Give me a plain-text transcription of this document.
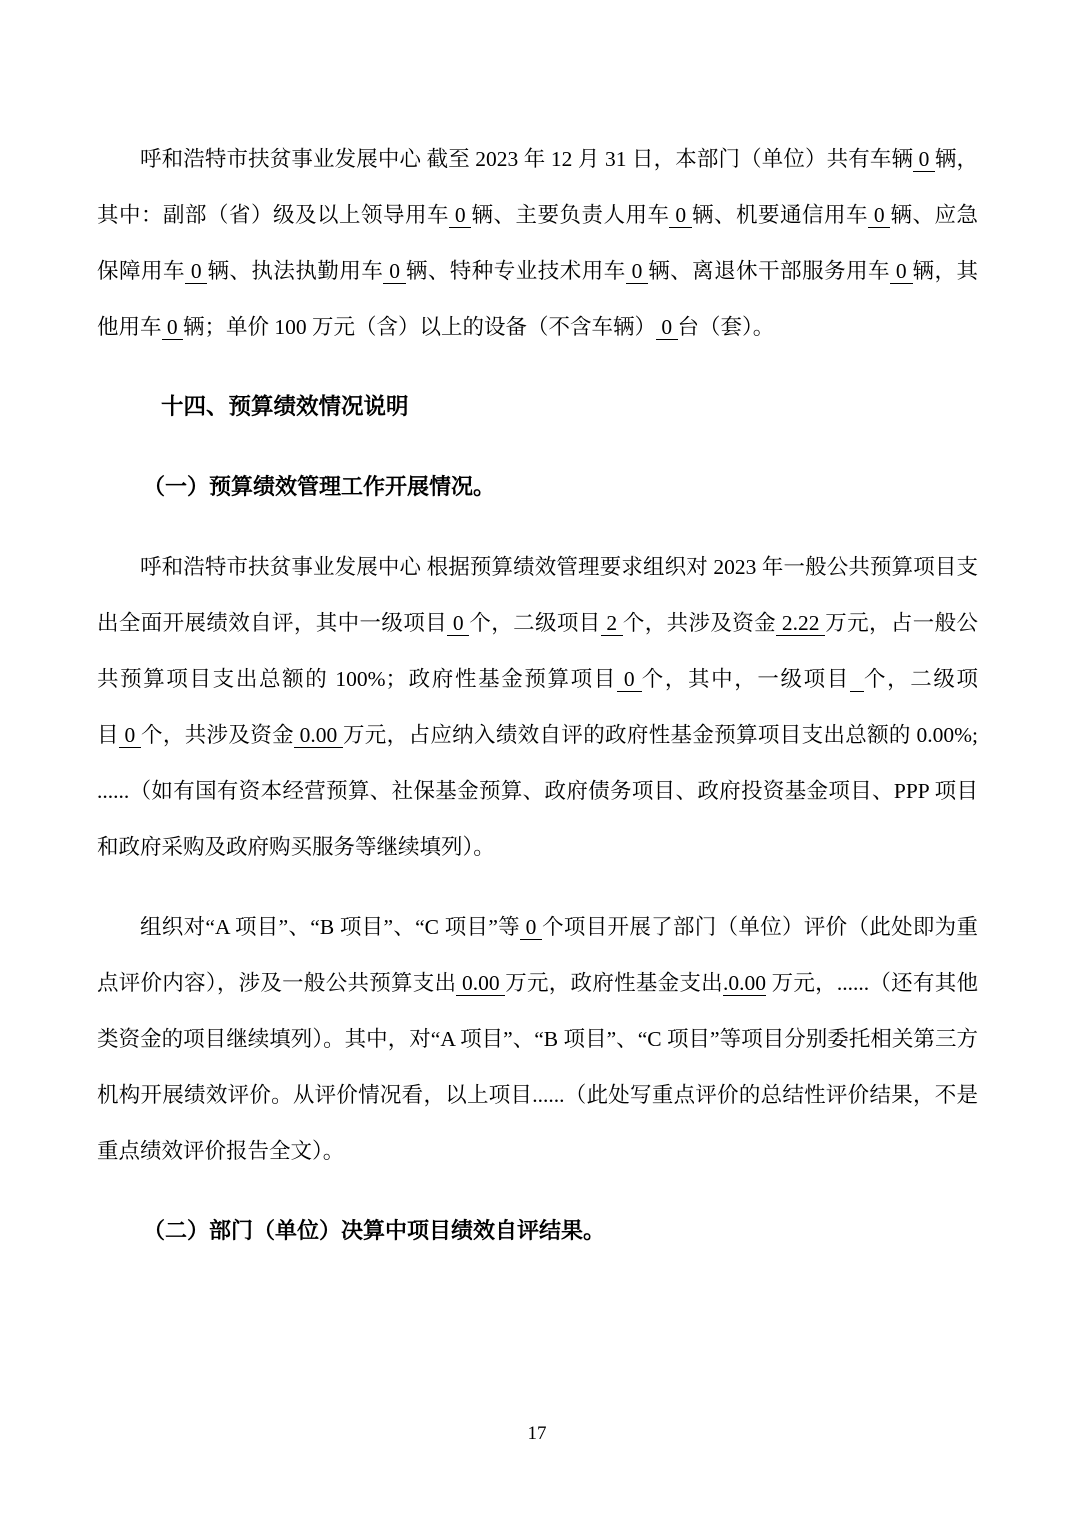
呼和浩特市扶贫事业发展中心 截至 2023 年 12 月 31 日，本部门（单位）共有车辆 0 辆，其中：副部（省）级及以上领导用车 0 辆、主要负责人用车 0 辆、机要通信用车 0 辆、应急保障用车 0 辆、执法执勤用车 0 辆、特种专业技术用车 0 辆、离退休干部服务用车 0 辆，其他用车 0 辆；单价 100 万元（含）以上的设备（不含车辆） 0 台（套）。

十四、预算绩效情况说明
（一）预算绩效管理工作开展情况。

呼和浩特市扶贫事业发展中心 根据预算绩效管理要求组织对 2023 年一般公共预算项目支出全面开展绩效自评，其中一级项目 0 个，二级项目 2 个，共涉及资金 2.22 万元，占一般公共预算项目支出总额的 100%；政府性基金预算项目 0 个，其中，一级项目 个，二级项目 0 个，共涉及资金 0.00 万元，占应纳入绩效自评的政府性基金预算项目支出总额的 0.00%; ......（如有国有资本经营预算、社保基金预算、政府债务项目、政府投资基金项目、PPP 项目和政府采购及政府购买服务等继续填列）。

组织对“A 项目”、“B 项目”、“C 项目”等 0 个项目开展了部门（单位）评价（此处即为重点评价内容），涉及一般公共预算支出 0.00 万元，政府性基金支出.0.00 万元，......（还有其他类资金的项目继续填列）。其中，对“A 项目”、“B 项目”、“C 项目”等项目分别委托相关第三方机构开展绩效评价。从评价情况看，以上项目......（此处写重点评价的总结性评价结果，不是重点绩效评价报告全文）。

（二）部门（单位）决算中项目绩效自评结果。
17
